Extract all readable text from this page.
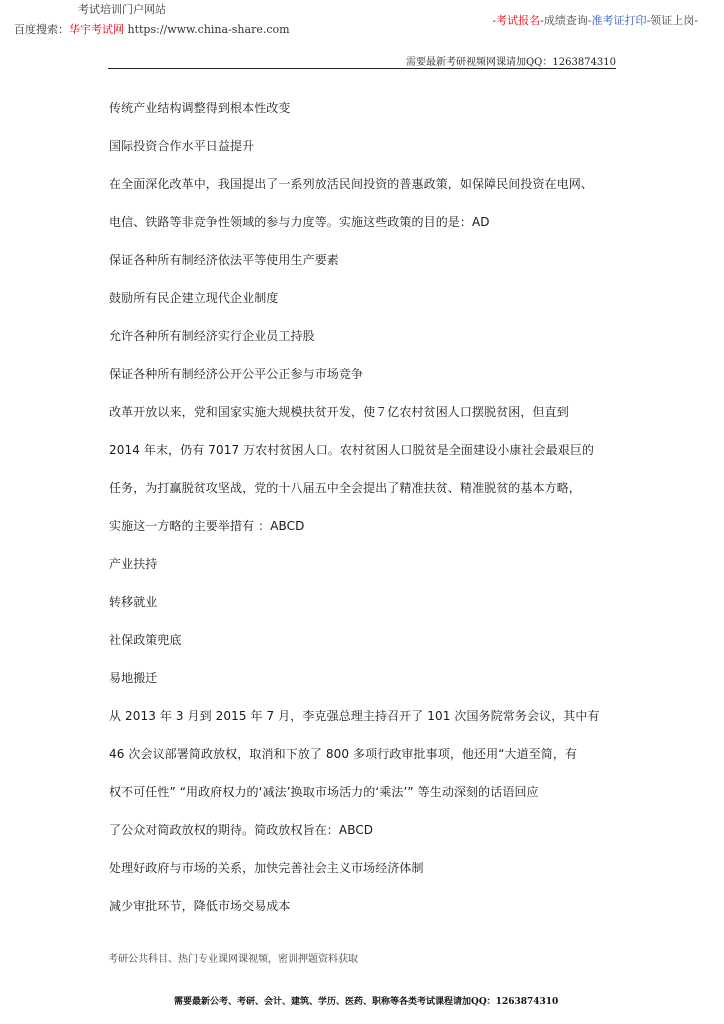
考试培训门户网站
百度搜索：华宇考试网 https://www.china-share.com
-考试报名-成绩查询-准考证打印-领证上岗-
需要最新考研视频网课请加QQ：1263874310
传统产业结构调整得到根本性改变
国际投资合作水平日益提升
在全面深化改革中，我国提出了一系列放活民间投资的普惠政策，如保障民间投资在电网、
电信、铁路等非竞争性领域的参与力度等。实施这些政策的目的是：AD
保证各种所有制经济依法平等使用生产要素
鼓励所有民企建立现代企业制度
允许各种所有制经济实行企业员工持股
保证各种所有制经济公开公平公正参与市场竞争
改革开放以来，党和国家实施大规模扶贫开发，使７亿农村贫困人口摆脱贫困，但直到
2014 年末，仍有 7017 万农村贫困人口。农村贫困人口脱贫是全面建设小康社会最艰巨的
任务，为打赢脱贫攻坚战，党的十八届五中全会提出了精准扶贫、精准脱贫的基本方略，
实施这一方略的主要举措有 ：ABCD
产业扶持
转移就业
社保政策兜底
易地搬迁
从 2013 年 3 月到 2015 年 7 月，李克强总理主持召开了 101 次国务院常务会议，其中有
46 次会议部署简政放权，取消和下放了 800 多项行政审批事项，他还用“大道至简，有
权不可任性” “用政府权力的‘减法’换取市场活力的‘乘法’” 等生动深刻的话语回应
了公众对简政放权的期待。简政放权旨在：ABCD
处理好政府与市场的关系，加快完善社会主义市场经济体制
减少审批环节，降低市场交易成本
考研公共科目、热门专业课网课视频，密训押题资料获取
需要最新公考、考研、会计、建筑、学历、医药、职称等各类考试课程请加QQ：1263874310
